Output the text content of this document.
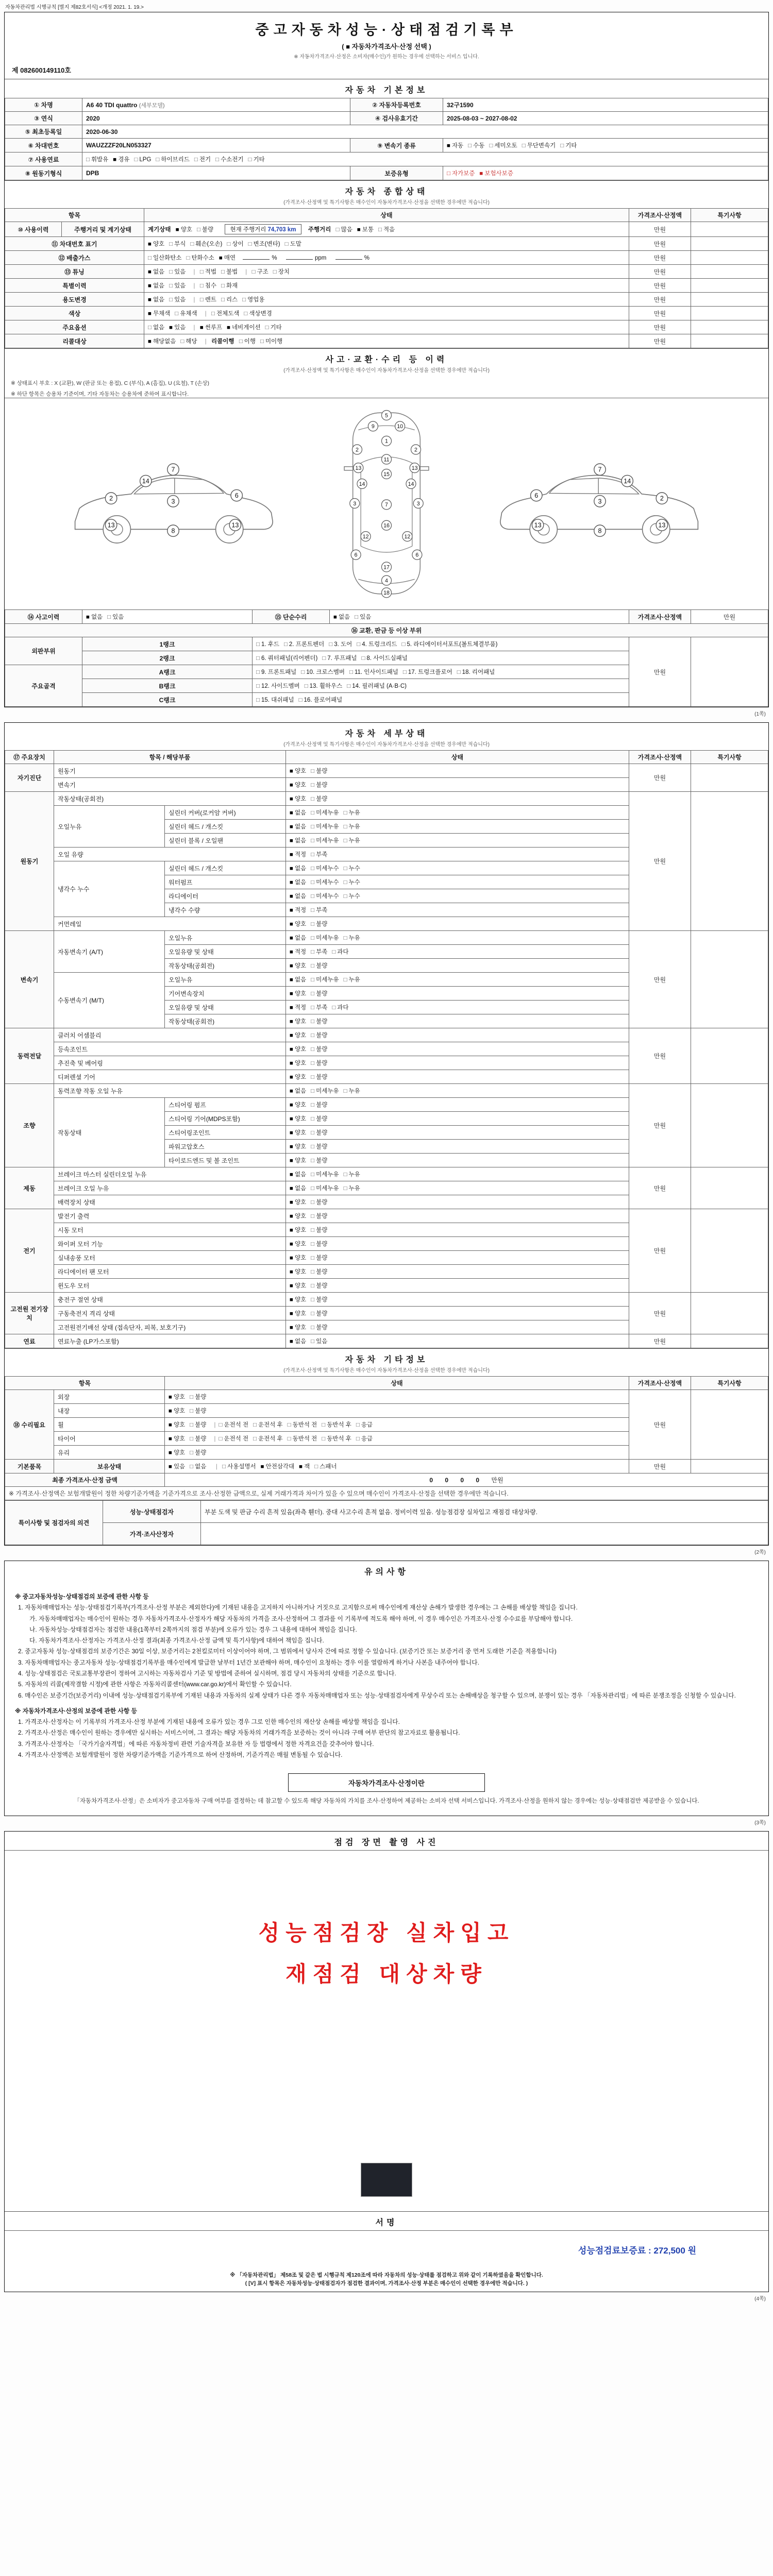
자동차관리법 시행규칙 [별지 제82호서식] <개정 2021. 1. 19.>
중고자동차성능·상태점검기록부
( ■ 자동차가격조사·산정 선택 )
※ 자동차가격조사·산정은 소비자(매수인)가 원하는 경우에 선택하는 서비스 입니다.
제 082600149110호
자동차 기본정보
① 차명	A6 40 TDI quattro (세부모델)	② 자동차등록번호	32구1590
③ 연식	2020	④ 검사유효기간	2025-08-03 ~ 2027-08-02
⑤ 최초등록일	2020-06-30		
⑥ 차대번호	WAUZZZF20LN053327	⑨ 변속기 종류	■ 자동 □ 수동 □ 세미오토 □ 무단변속기 □ 기타
⑦ 사용연료	□ 휘발유 ■ 경유 □ LPG □ 하이브리드 □ 전기 □ 수소전기 □ 기타		
⑧ 원동기형식	DPB	보증유형	□ 자가보증 ■ 보험사보증
자동차 종합상태
(가격조사·산정액 및 특기사항은 매수인이 자동차가격조사·산정을 선택한 경우에만 적습니다)
항목		상태	가격조사·산정액	특기사항
⑩ 사용이력	주행거리 및 계기상태	계기상태 ■ 양호 □ 불량 현재 주행거리 74,703 km 주행거리 □ 많음 ■ 보통 □ 적음	만원	
⑪ 차대번호 표기		■ 양호 □ 부식 □ 훼손(오손) □ 상이 □ 변조(변타) □ 도말	만원	
⑫ 배출가스		□ 일산화탄소 □ 탄화수소 ■ 매연 % ppm %	만원	
⑬ 튜닝		■ 없음 □ 있음 | □ 적법 □ 불법 | □ 구조 □ 장치	만원	
특별이력		■ 없음 □ 있음 | □ 침수 □ 화재	만원	
용도변경		■ 없음 □ 있음 | □ 렌트 □ 리스 □ 영업용	만원	
색상		■ 무채색 □ 유채색 | □ 전체도색 □ 색상변경	만원	
주요옵션		□ 없음 ■ 있음 | ■ 썬루프 ■ 네비게이션 □ 기타	만원	
리콜대상		■ 해당없음 □ 해당 | 리콜이행 □ 이행 □ 미이행	만원	
사고·교환·수리 등 이력
(가격조사·산정액 및 특기사항은 매수인이 자동차가격조사·산정을 선택한 경우에만 적습니다)
※ 상태표시 부호 : X (교환), W (판금 또는 용접), C (부식), A (흠집), U (요철), T (손상)
※ 하단 항목은 승용차 기준이며, 기타 자동차는 승용차에 준하여 표시합니다.
2	3
6
7
8
13	13
14
5
9	10
1
2	2
11
13	13
15
14	14
3	7	3
16
12	12
6	6
17
4
18
6
3	2
7
8
13	13
14
⑭ 사고이력	■ 없음 □ 있음	⑮ 단순수리	■ 없음 □ 있음	가격조사·산정액	만원
⑯ 교환, 판금 등 이상 부위					
외판부위	1랭크	□ 1. 후드 □ 2. 프론트펜더 □ 3. 도어 □ 4. 트렁크리드 □ 5. 라디에이터서포트(볼트체결부품)		만원	
	2랭크	□ 6. 쿼터패널(리어펜더) □ 7. 루프패널 □ 8. 사이드실패널			
주요골격	A랭크	□ 9. 프론트패널 □ 10. 크로스멤버 □ 11. 인사이드패널 □ 17. 트렁크플로어 □ 18. 리어패널			
	B랭크	□ 12. 사이드멤버 □ 13. 휠하우스 □ 14. 필러패널 (A·B·C)			
	C랭크	□ 15. 대쉬패널 □ 16. 플로어패널			
(1쪽)
자동차 세부상태
(가격조사·산정액 및 특기사항은 매수인이 자동차가격조사·산정을 선택한 경우에만 적습니다)
⑰ 주요장치	항목 / 해당부품		상태	가격조사·산정액	특기사항
자기진단	원동기		■ 양호 □ 불량	만원	
	변속기		■ 양호 □ 불량		
원동기	작동상태(공회전)		■ 양호 □ 불량	만원	
	오일누유	실린더 커버(로커암 커버)	■ 없음 □ 미세누유 □ 누유		
		실린더 헤드 / 개스킷	■ 없음 □ 미세누유 □ 누유		
		실린더 블록 / 오일팬	■ 없음 □ 미세누유 □ 누유		
	오일 유량		■ 적정 □ 부족		
	냉각수 누수	실린더 헤드 / 개스킷	■ 없음 □ 미세누수 □ 누수		
		워터펌프	■ 없음 □ 미세누수 □ 누수		
		라디에이터	■ 없음 □ 미세누수 □ 누수		
		냉각수 수량	■ 적정 □ 부족		
	커먼레일		■ 양호 □ 불량		
변속기	자동변속기 (A/T)	오일누유	■ 없음 □ 미세누유 □ 누유	만원	
		오일유량 및 상태	■ 적정 □ 부족 □ 과다		
		작동상태(공회전)	■ 양호 □ 불량		
	수동변속기 (M/T)	오일누유	■ 없음 □ 미세누유 □ 누유		
		기어변속장치	■ 양호 □ 불량		
		오일유량 및 상태	■ 적정 □ 부족 □ 과다		
		작동상태(공회전)	■ 양호 □ 불량		
동력전달	클러치 어셈블리		■ 양호 □ 불량	만원	
	등속조인트		■ 양호 □ 불량		
	추진축 및 베어링		■ 양호 □ 불량		
	디퍼렌셜 기어		■ 양호 □ 불량		
조향	동력조향 작동 오일 누유		■ 없음 □ 미세누유 □ 누유	만원	
	작동상태	스티어링 펌프	■ 양호 □ 불량		
		스티어링 기어(MDPS포함)	■ 양호 □ 불량		
		스티어링조인트	■ 양호 □ 불량		
		파워고압호스	■ 양호 □ 불량		
		타이로드엔드 및 볼 조인트	■ 양호 □ 불량		
제동	브레이크 마스터 실린더오일 누유		■ 없음 □ 미세누유 □ 누유	만원	
	브레이크 오일 누유		■ 없음 □ 미세누유 □ 누유		
	배력장치 상태		■ 양호 □ 불량		
전기	발전기 출력		■ 양호 □ 불량	만원	
	시동 모터		■ 양호 □ 불량		
	와이퍼 모터 기능		■ 양호 □ 불량		
	실내송풍 모터		■ 양호 □ 불량		
	라디에이터 팬 모터		■ 양호 □ 불량		
	윈도우 모터		■ 양호 □ 불량		
고전원 전기장치	충전구 절연 상태		■ 양호 □ 불량	만원	
	구동축전지 격리 상태		■ 양호 □ 불량		
	고전원전기배선 상태 (접속단자, 피복, 보호기구)		■ 양호 □ 불량		
연료	연료누출 (LP가스포함)		■ 없음 □ 있음	만원	
자동차 기타정보
(가격조사·산정액 및 특기사항은 매수인이 자동차가격조사·산정을 선택한 경우에만 적습니다)
항목		상태	가격조사·산정액	특기사항
⑱ 수리필요	외장	■ 양호 □ 불량	만원	
	내장	■ 양호 □ 불량		
	휠	■ 양호 □ 불량 | □ 운전석 전 □ 운전석 후 □ 동반석 전 □ 동반석 후 □ 응급		
	타이어	■ 양호 □ 불량 | □ 운전석 전 □ 운전석 후 □ 동반석 전 □ 동반석 후 □ 응급		
	유리	■ 양호 □ 불량		
기본품목	보유상태	■ 있음 □ 없음 | □ 사용설명서 ■ 안전삼각대 ■ 잭 □ 스패너	만원	
최종 가격조사·산정 금액		0 0 0 0 만원		
※ 가격조사·산정액은 보험개발원이 정한 차량기준가액을 기준가격으로 조사·산정한 금액으로, 실제 거래가격과 차이가 있을 수 있으며 매수인이 가격조사·산정을 선택한 경우에만 적습니다.				
특이사항 및 점검자의 의견	성능·상태점검자	부분 도색 및 판금 수리 흔적 있음(좌측 휀더). 중대 사고수리 흔적 없음. 정비이력 있음. 성능점검장 실차입고 재점검 대상차량.
	가격·조사산정자	
(2쪽)
유의사항

※ 중고자동차성능·상태점검의 보증에 관한 사항 등

1. 자동차매매업자는 성능·상태점검기록부(가격조사·산정 부분은 제외한다)에 기재된 내용을 고지하지 아니하거나 거짓으로 고지함으로써 매수인에게 재산상 손해가 발생한 경우에는 그 손해를 배상할 책임을 집니다.

가. 자동차매매업자는 매수인이 원하는 경우 자동차가격조사·산정자가 해당 자동차의 가격을 조사·산정하여 그 결과를 이 기록부에 적도록 해야 하며, 이 경우 매수인은 가격조사·산정 수수료를 부담해야 합니다.

나. 자동차성능·상태점검자는 점검한 내용(1쪽부터 2쪽까지의 점검 부분)에 오류가 있는 경우 그 내용에 대하여 책임을 집니다.

다. 자동차가격조사·산정자는 가격조사·산정 결과(최종 가격조사·산정 금액 및 특기사항)에 대하여 책임을 집니다.

2. 중고자동차 성능·상태점검의 보증기간은 30일 이상, 보증거리는 2천킬로미터 이상이어야 하며, 그 범위에서 당사자 간에 따로 정할 수 있습니다. (보증기간 또는 보증거리 중 먼저 도래한 기준을 적용합니다)

3. 자동차매매업자는 중고자동차 성능·상태점검기록부를 매수인에게 발급한 날부터 1년간 보관해야 하며, 매수인이 요청하는 경우 이를 열람하게 하거나 사본을 내주어야 합니다.

4. 성능·상태점검은 국토교통부장관이 정하여 고시하는 자동차검사 기준 및 방법에 준하여 실시하며, 점검 당시 자동차의 상태를 기준으로 합니다.

5. 자동차의 리콜(제작결함 시정)에 관한 사항은 자동차리콜센터(www.car.go.kr)에서 확인할 수 있습니다.

6. 매수인은 보증기간(보증거리) 이내에 성능·상태점검기록부에 기재된 내용과 자동차의 실제 상태가 다른 경우 자동차매매업자 또는 성능·상태점검자에게 무상수리 또는 손해배상을 청구할 수 있으며, 분쟁이 있는 경우 「자동차관리법」에 따른 분쟁조정을 신청할 수 있습니다.

※ 자동차가격조사·산정의 보증에 관한 사항 등

1. 가격조사·산정자는 이 기록부의 가격조사·산정 부분에 기재된 내용에 오류가 있는 경우 그로 인한 매수인의 재산상 손해를 배상할 책임을 집니다.

2. 가격조사·산정은 매수인이 원하는 경우에만 실시하는 서비스이며, 그 결과는 해당 자동차의 거래가격을 보증하는 것이 아니라 구매 여부 판단의 참고자료로 활용됩니다.

3. 가격조사·산정자는 「국가기술자격법」에 따른 자동차정비 관련 기술자격을 보유한 자 등 법령에서 정한 자격요건을 갖추어야 합니다.

4. 가격조사·산정액은 보험개발원이 정한 차량기준가액을 기준가격으로 하여 산정하며, 기준가격은 매월 변동될 수 있습니다.

자동차가격조사·산정이란
「자동차가격조사·산정」은 소비자가 중고자동차 구매 여부를 결정하는 데 참고할 수 있도록 해당 자동차의 가치를 조사·산정하여 제공하는 소비자 선택 서비스입니다. 가격조사·산정을 원하지 않는 경우에는 성능·상태점검만 제공받을 수 있습니다.
(3쪽)
점검 장면 촬영 사진
성능점검장 실차입고
재점검 대상차량
서명
성능점검료보증료 : 272,500 원
※ 「자동차관리법」 제58조 및 같은 법 시행규칙 제120조에 따라 자동차의 성능·상태를 점검하고 위와 같이 기록하였음을 확인합니다.
( [V] 표시 항목은 자동차성능·상태점검자가 점검한 결과이며, 가격조사·산정 부분은 매수인이 선택한 경우에만 적습니다. )
(4쪽)
